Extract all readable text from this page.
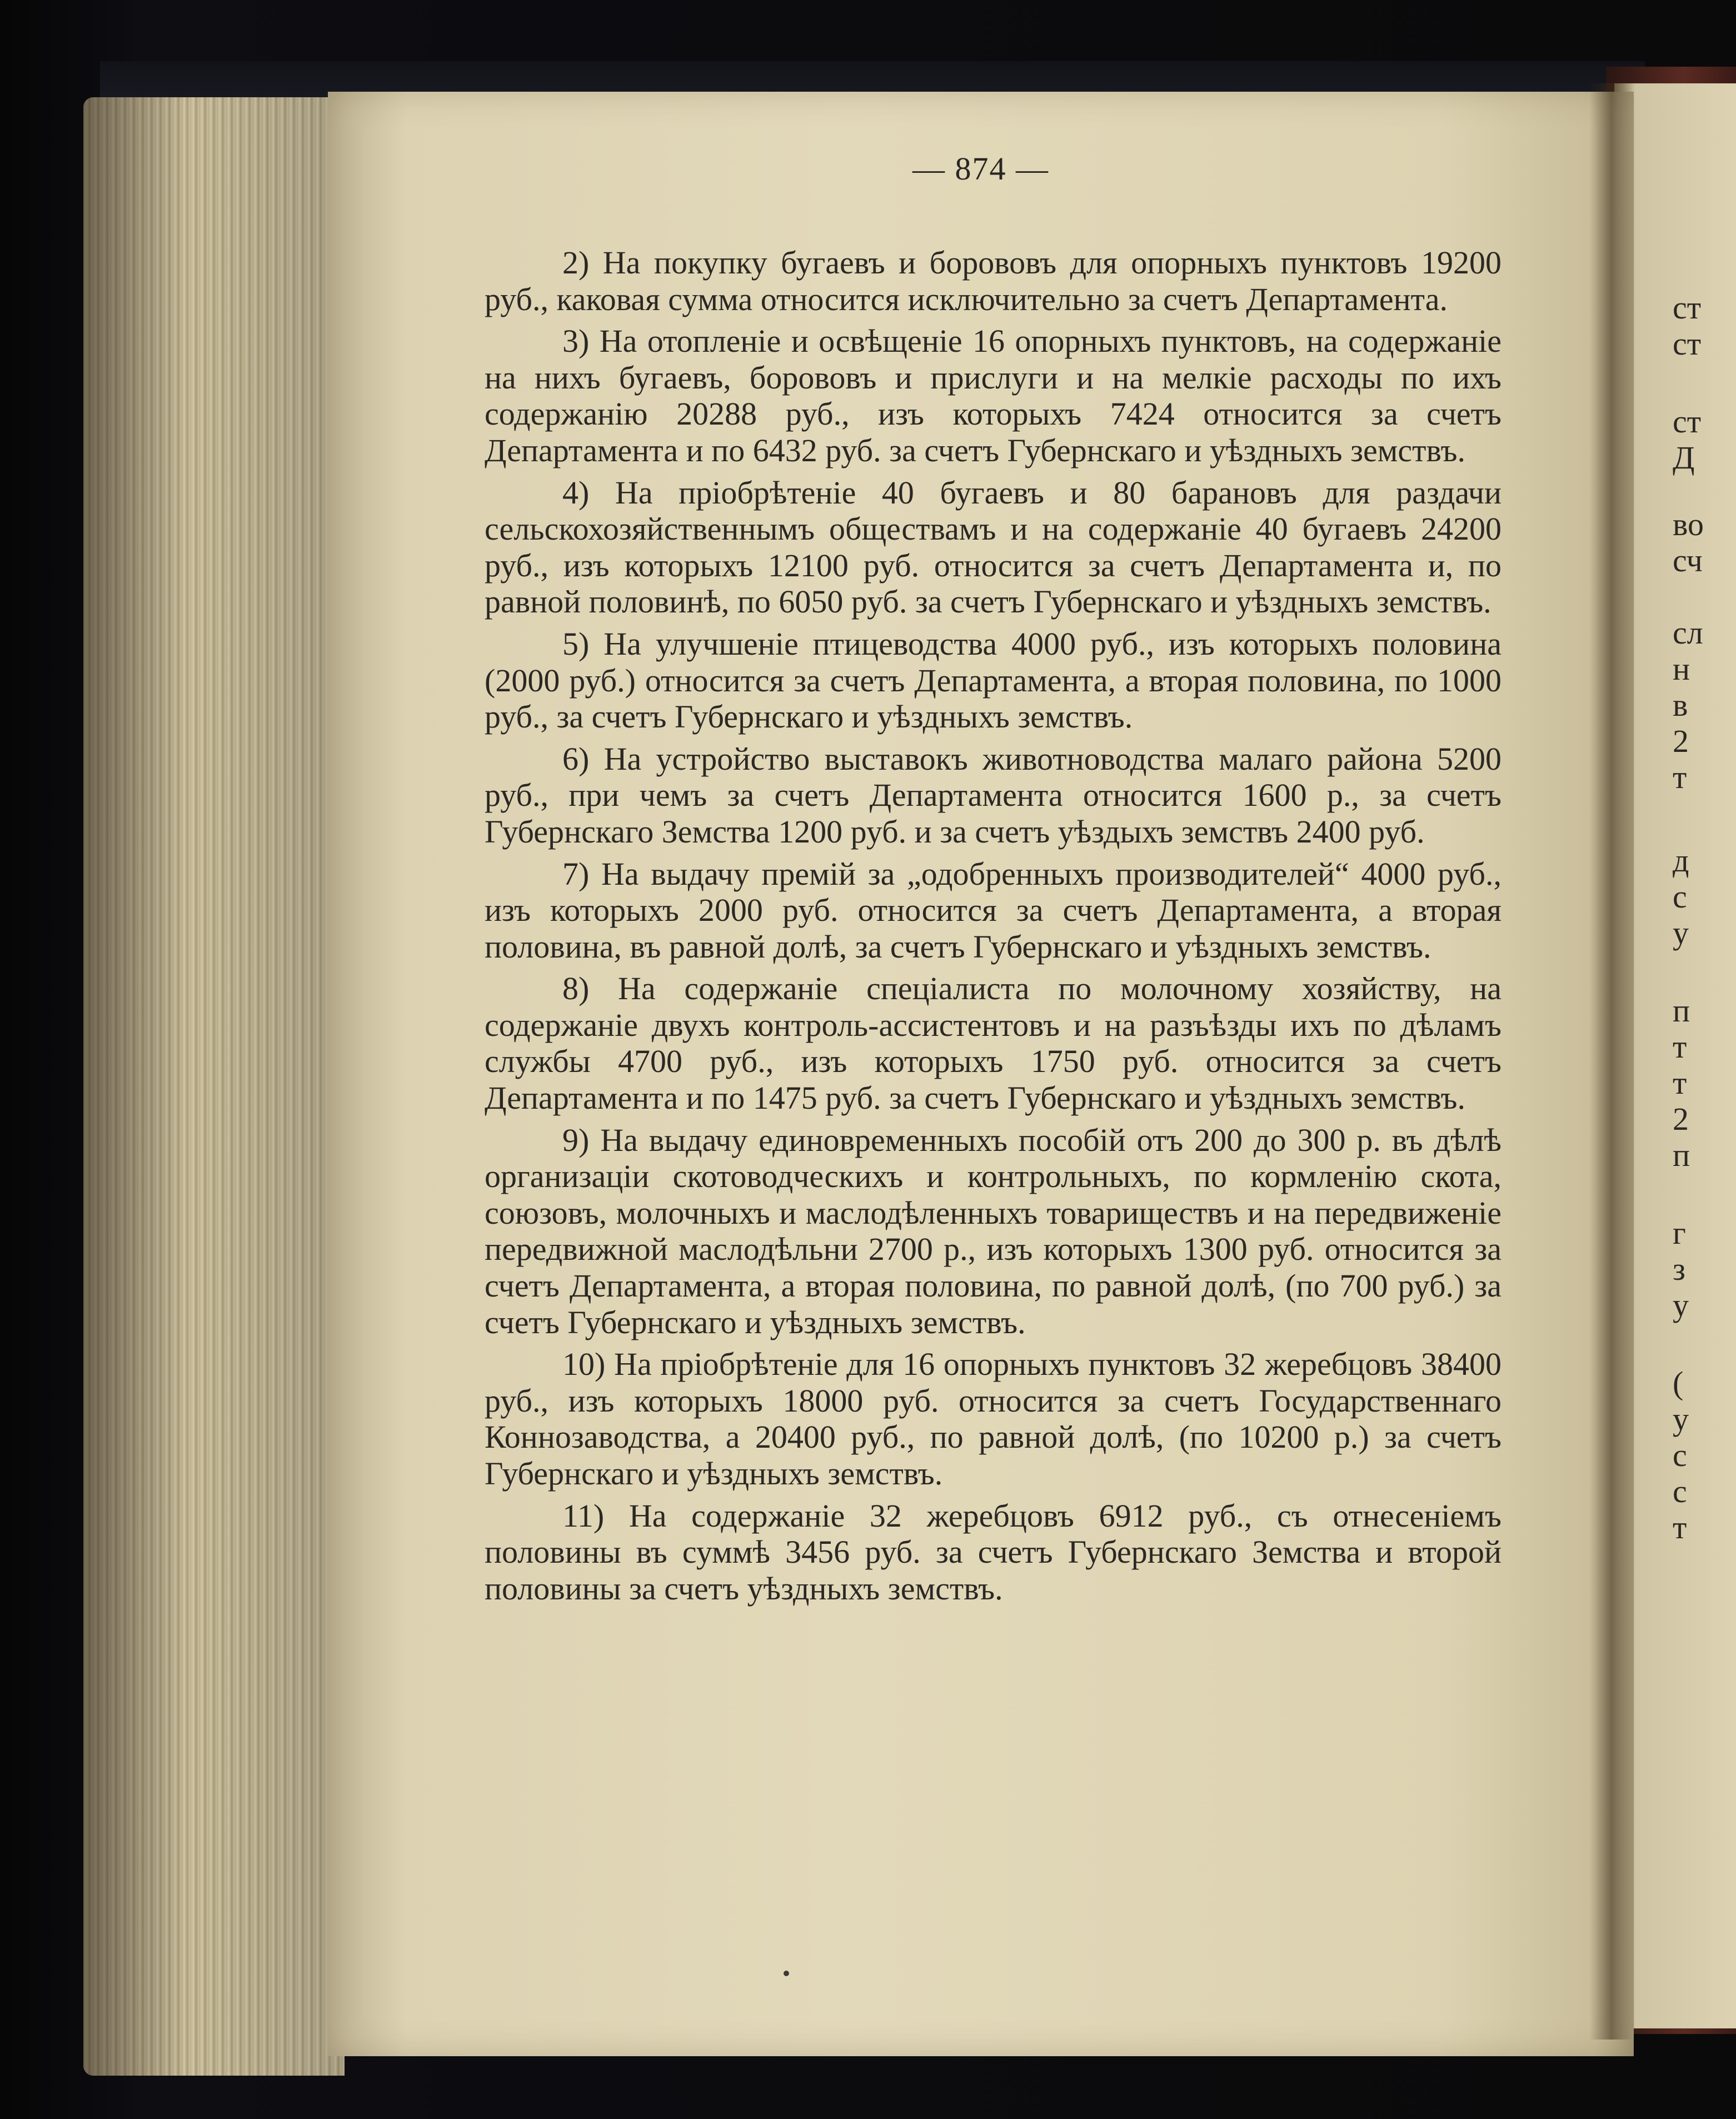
— 874 —

2) На покупку бугаевъ и борововъ для опорныхъ пунктовъ 19200 руб., каковая сумма относится исключительно за счетъ Департамента.

3) На отопленіе и освѣщеніе 16 опорныхъ пунктовъ, на содержаніе на нихъ бугаевъ, борововъ и прислуги и на мелкіе расходы по ихъ содержанію 20288 руб., изъ которыхъ 7424 относится за счетъ Департамента и по 6432 руб. за счетъ Губернскаго и уѣздныхъ земствъ.

4) На пріобрѣтеніе 40 бугаевъ и 80 барановъ для раздачи сельскохозяйственнымъ обществамъ и на содержаніе 40 бугаевъ 24200 руб., изъ которыхъ 12100 руб. относится за счетъ Департамента и, по равной половинѣ, по 6050 руб. за счетъ Губернскаго и уѣздныхъ земствъ.

5) На улучшеніе птицеводства 4000 руб., изъ которыхъ половина (2000 руб.) относится за счетъ Департамента, а вторая половина, по 1000 руб., за счетъ Губернскаго и уѣздныхъ земствъ.

6) На устройство выставокъ животноводства малаго района 5200 руб., при чемъ за счетъ Департамента относится 1600 р., за счетъ Губернскаго Земства 1200 руб. и за счетъ уѣздыхъ земствъ 2400 руб.

7) На выдачу премій за „одобренныхъ производителей“ 4000 руб., изъ которыхъ 2000 руб. относится за счетъ Департамента, а вторая половина, въ равной долѣ, за счетъ Губернскаго и уѣздныхъ земствъ.

8) На содержаніе спеціалиста по молочному хозяйству, на содержаніе двухъ контроль-ассистентовъ и на разъѣзды ихъ по дѣламъ службы 4700 руб., изъ которыхъ 1750 руб. относится за счетъ Департамента и по 1475 руб. за счетъ Губернскаго и уѣздныхъ земствъ.

9) На выдачу единовременныхъ пособій отъ 200 до 300 р. въ дѣлѣ организаціи скотоводческихъ и контрольныхъ, по кормленію скота, союзовъ, молочныхъ и маслодѣленныхъ товариществъ и на передвиженіе передвижной маслодѣльни 2700 р., изъ которыхъ 1300 руб. относится за счетъ Департамента, а вторая половина, по равной долѣ, (по 700 руб.) за счетъ Губернскаго и уѣздныхъ земствъ.

10) На пріобрѣтеніе для 16 опорныхъ пунктовъ 32 жеребцовъ 38400 руб., изъ которыхъ 18000 руб. относится за счетъ Государственнаго Коннозаводства, а 20400 руб., по равной долѣ, (по 10200 р.) за счетъ Губернскаго и уѣздныхъ земствъ.

11) На содержаніе 32 жеребцовъ 6912 руб., съ отнесеніемъ половины въ суммѣ 3456 руб. за счетъ Губернскаго Земства и второй половины за счетъ уѣздныхъ земствъ.

ст
ст
ст
Д
во
сч
сл
н
в
2
т
д
с
у
п
т
т
2
п
г
з
у
(
у
с
с
т
